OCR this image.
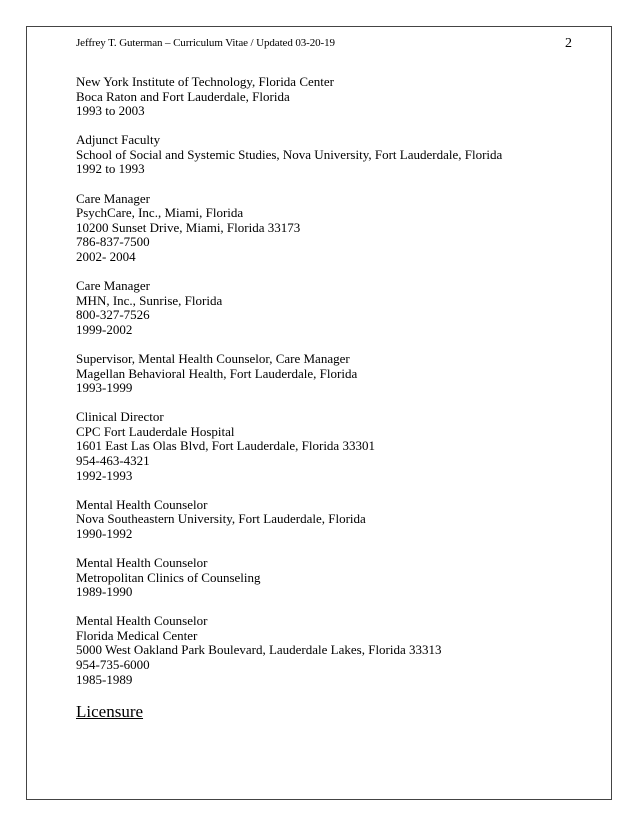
Jeffrey T. Guterman – Curriculum Vitae / Updated 03-20-19	2
New York Institute of Technology, Florida Center
Boca Raton and Fort Lauderdale, Florida
1993 to 2003
Adjunct Faculty
School of Social and Systemic Studies, Nova University, Fort Lauderdale, Florida
1992 to 1993
Care Manager
PsychCare, Inc., Miami, Florida
10200 Sunset Drive, Miami, Florida 33173
786-837-7500
2002- 2004
Care Manager
MHN, Inc., Sunrise, Florida
800-327-7526
1999-2002
Supervisor, Mental Health Counselor, Care Manager
Magellan Behavioral Health, Fort Lauderdale, Florida
1993-1999
Clinical Director
CPC Fort Lauderdale Hospital
1601 East Las Olas Blvd, Fort Lauderdale, Florida 33301
954-463-4321
1992-1993
Mental Health Counselor
Nova Southeastern University, Fort Lauderdale, Florida
1990-1992
Mental Health Counselor
Metropolitan Clinics of Counseling
1989-1990
Mental Health Counselor
Florida Medical Center
5000 West Oakland Park Boulevard, Lauderdale Lakes, Florida 33313
954-735-6000
1985-1989
Licensure
